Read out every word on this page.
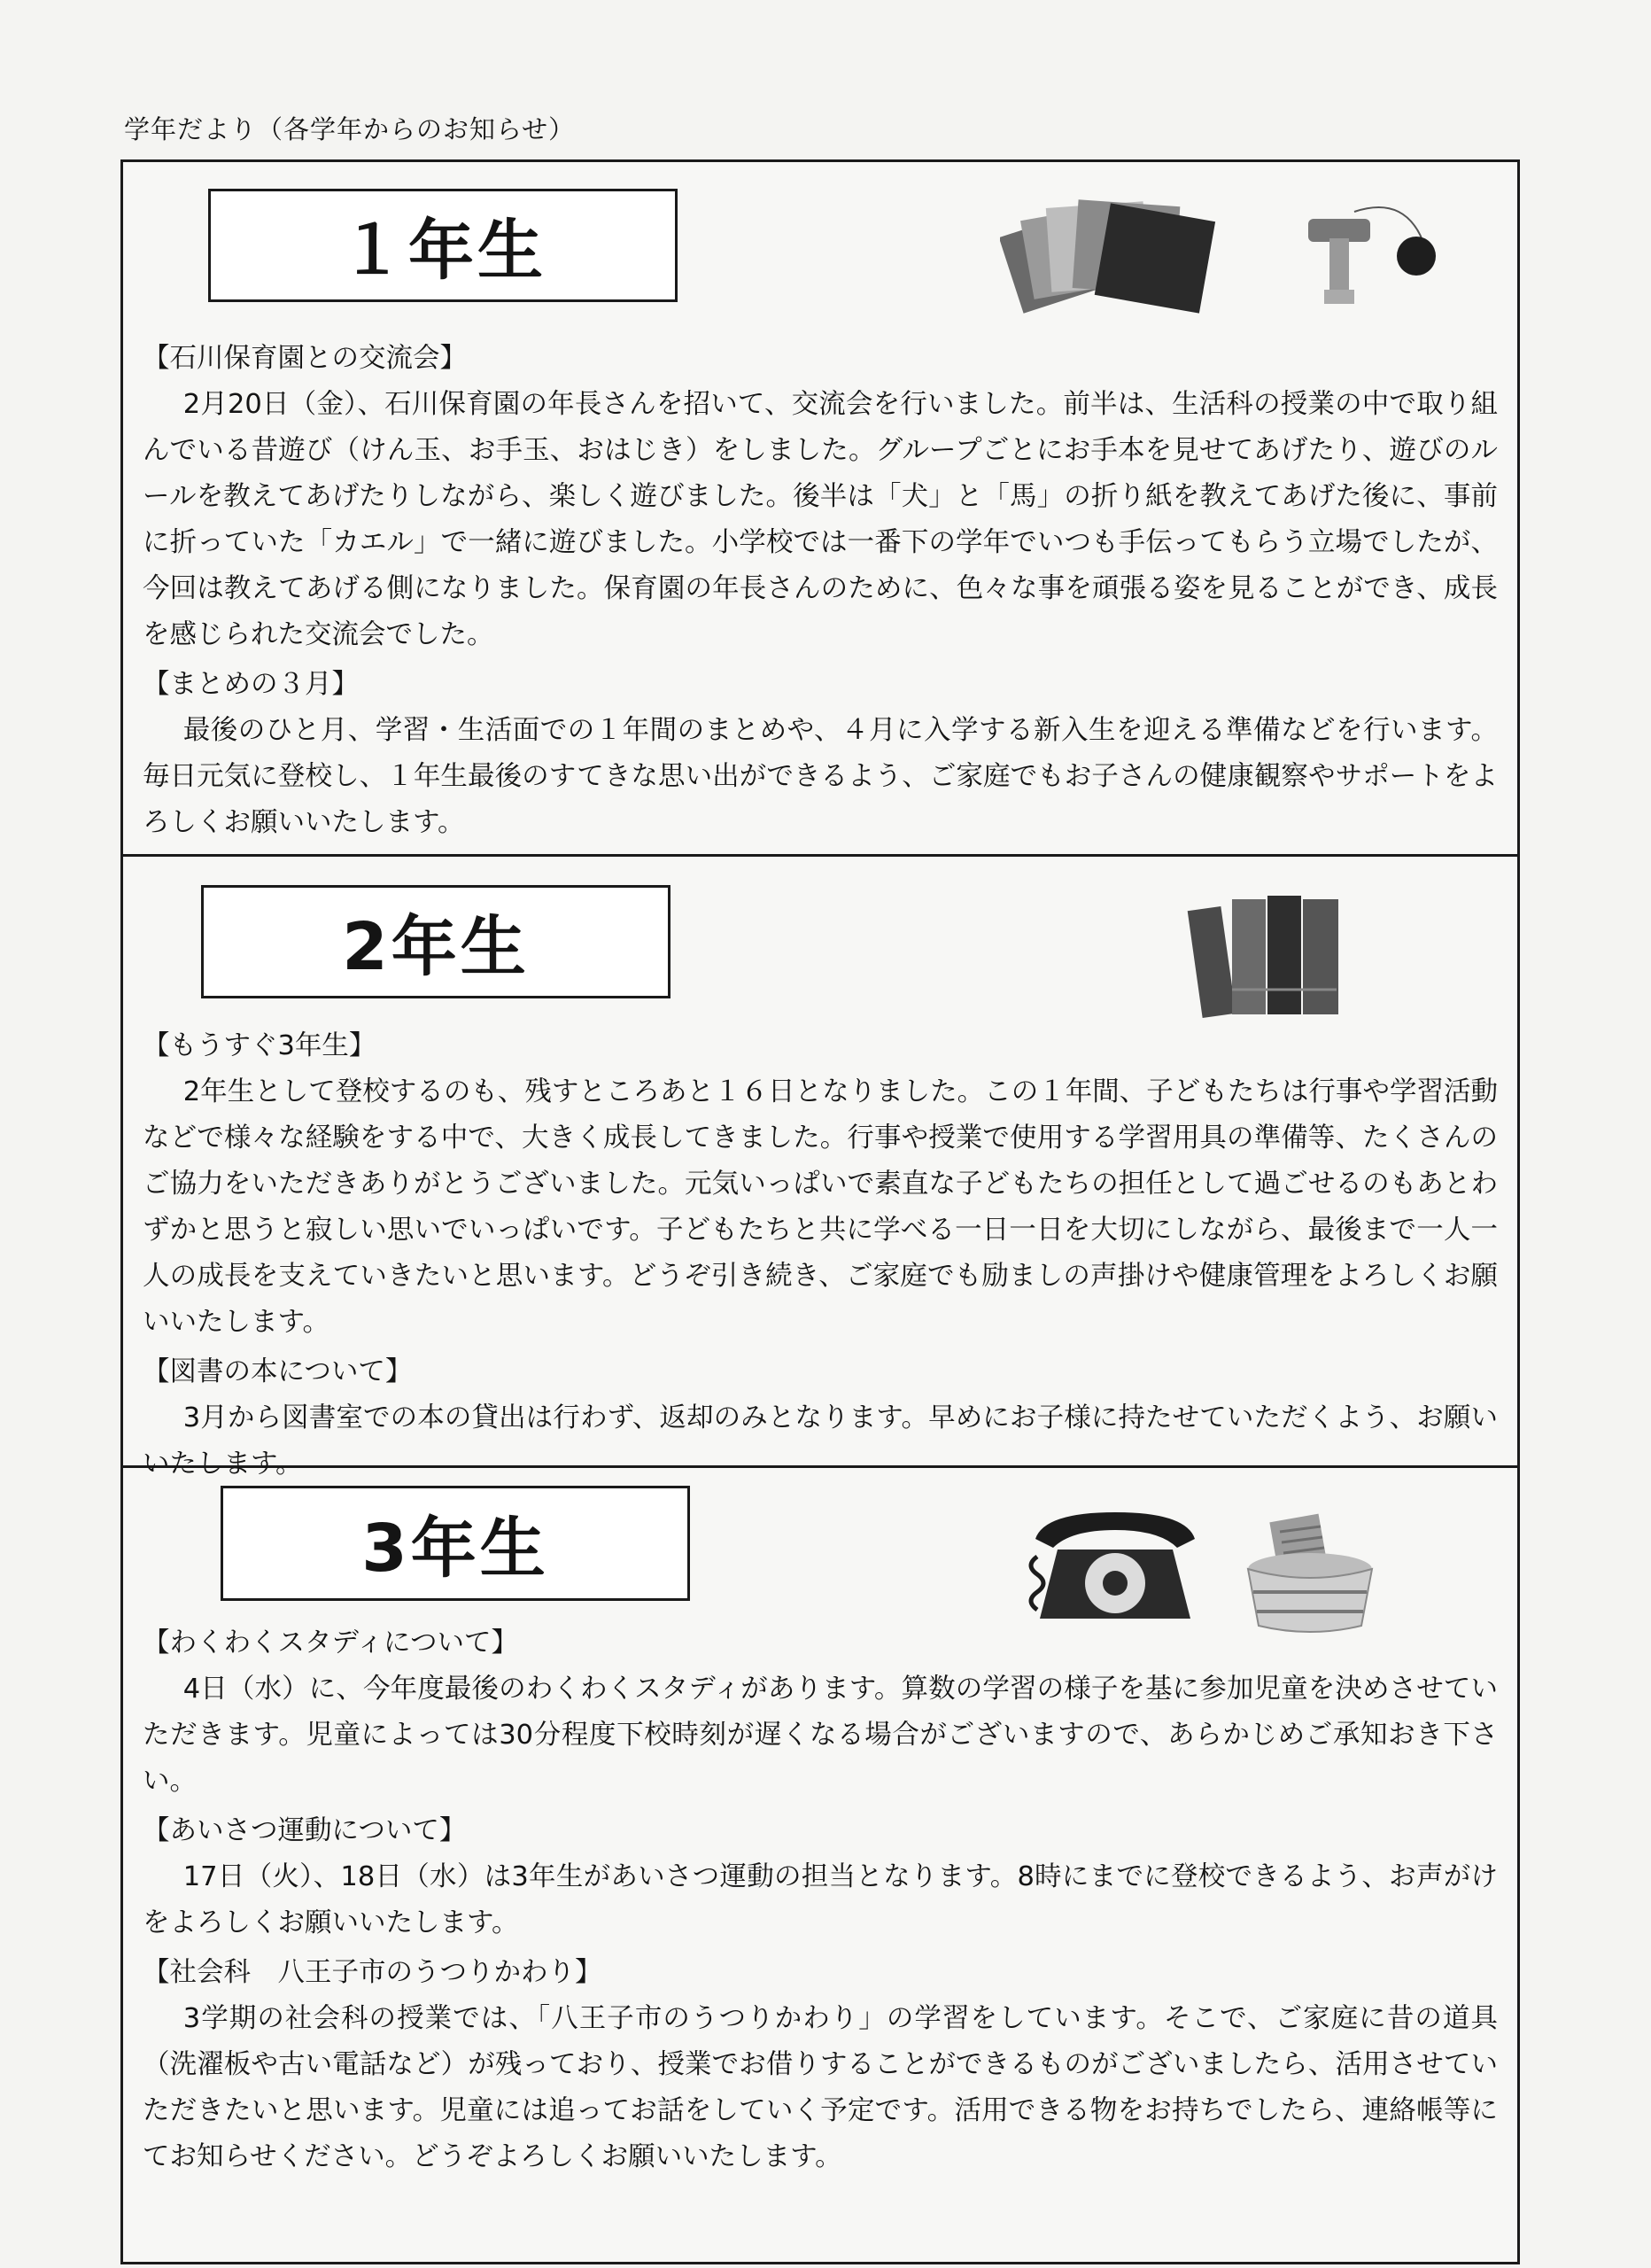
学年だより（各学年からのお知らせ）
１年生
【石川保育園との交流会】

2月20日（金）、石川保育園の年長さんを招いて、交流会を行いました。前半は、生活科の授業の中で取り組んでいる昔遊び（けん玉、お手玉、おはじき）をしました。グループごとにお手本を見せてあげたり、遊びのルールを教えてあげたりしながら、楽しく遊びました。後半は「犬」と「馬」の折り紙を教えてあげた後に、事前に折っていた「カエル」で一緒に遊びました。小学校では一番下の学年でいつも手伝ってもらう立場でしたが、今回は教えてあげる側になりました。保育園の年長さんのために、色々な事を頑張る姿を見ることができ、成長を感じられた交流会でした。

【まとめの３月】

最後のひと月、学習・生活面での１年間のまとめや、４月に入学する新入生を迎える準備などを行います。毎日元気に登校し、１年生最後のすてきな思い出ができるよう、ご家庭でもお子さんの健康観察やサポートをよろしくお願いいたします。

2年生
【もうすぐ3年生】

2年生として登校するのも、残すところあと１６日となりました。この１年間、子どもたちは行事や学習活動などで様々な経験をする中で、大きく成長してきました。行事や授業で使用する学習用具の準備等、たくさんのご協力をいただきありがとうございました。元気いっぱいで素直な子どもたちの担任として過ごせるのもあとわずかと思うと寂しい思いでいっぱいです。子どもたちと共に学べる一日一日を大切にしながら、最後まで一人一人の成長を支えていきたいと思います。どうぞ引き続き、ご家庭でも励ましの声掛けや健康管理をよろしくお願いいたします。

【図書の本について】

3月から図書室での本の貸出は行わず、返却のみとなります。早めにお子様に持たせていただくよう、お願いいたします。

3年生
【わくわくスタディについて】

4日（水）に、今年度最後のわくわくスタディがあります。算数の学習の様子を基に参加児童を決めさせていただきます。児童によっては30分程度下校時刻が遅くなる場合がございますので、あらかじめご承知おき下さい。

【あいさつ運動について】

17日（火）、18日（水）は3年生があいさつ運動の担当となります。8時にまでに登校できるよう、お声がけをよろしくお願いいたします。

【社会科　八王子市のうつりかわり】

3学期の社会科の授業では、「八王子市のうつりかわり」の学習をしています。そこで、ご家庭に昔の道具（洗濯板や古い電話など）が残っており、授業でお借りすることができるものがございましたら、活用させていただきたいと思います。児童には追ってお話をしていく予定です。活用できる物をお持ちでしたら、連絡帳等にてお知らせください。どうぞよろしくお願いいたします。
